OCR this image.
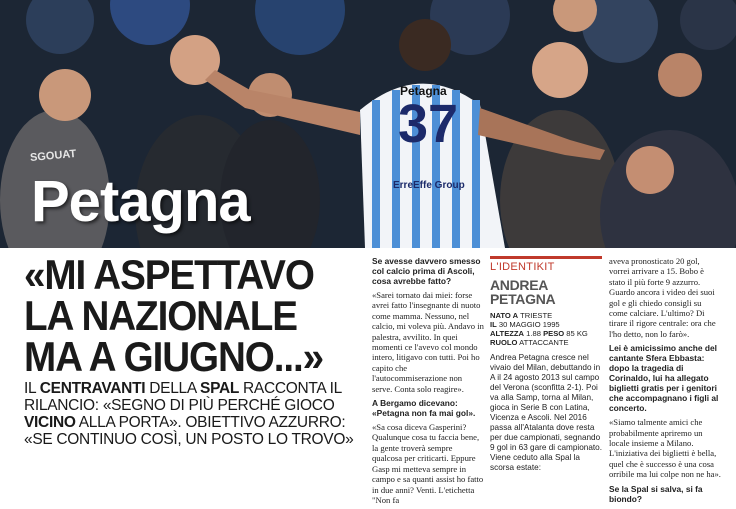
Petagna
37
ErreEffe Group
SGOUAT
Petagna
«MI ASPETTAVO LA NAZIONALE MA A GIUGNO...»
IL CENTRAVANTI DELLA SPAL RACCONTA IL RILANCIO: «SEGNO DI PIÙ PERCHÉ GIOCO VICINO ALLA PORTA». OBIETTIVO AZZURRO: «SE CONTINUO COSÌ, UN POSTO LO TROVO»

Se avesse davvero smesso col calcio prima di Ascoli, cosa avrebbe fatto?

«Sarei tornato dai miei: forse avrei fatto l'insegnante di nuoto come mamma. Nessuno, nel calcio, mi voleva più. Andavo in palestra, avvilito. In quei momenti ce l'avevo col mondo intero, litigavo con tutti. Poi ho capito che l'autocommiserazione non serve. Conta solo reagire».

A Bergamo dicevano: «Petagna non fa mai gol».

«Sa cosa diceva Gasperini? Qualunque cosa tu faccia bene, la gente troverà sempre qualcosa per criticarti. Eppure Gasp mi metteva sempre in campo e sa quanti assist ho fatto in due anni? Venti. L'etichetta "Non fa

L'IDENTIKIT
ANDREA PETAGNA
NATO A TRIESTE
IL 30 MAGGIO 1995
ALTEZZA 1.88 PESO 85 KG
RUOLO ATTACCANTE

Andrea Petagna cresce nel vivaio del Milan, debuttando in A il 24 agosto 2013 sul campo del Verona (sconfitta 2-1). Poi va alla Samp, torna al Milan, gioca in Serie B con Latina, Vicenza e Ascoli. Nel 2016 passa all'Atalanta dove resta per due campionati, segnando 9 gol in 63 gare di campionato. Viene ceduto alla Spal la scorsa estate:

aveva pronosticato 20 gol, vorrei arrivare a 15. Bobo è stato il più forte 9 azzurro. Guardo ancora i video dei suoi gol e gli chiedo consigli su come calciare. L'ultimo? Di tirare il rigore centrale: ora che l'ho detto, non lo farò».

Lei è amicissimo anche del cantante Sfera Ebbasta: dopo la tragedia di Corinaldo, lui ha allegato biglietti gratis per i genitori che accompagnano i figli al concerto.

«Siamo talmente amici che probabilmente apriremo un locale insieme a Milano. L'iniziativa dei biglietti è bella, quel che è successo è una cosa orribile ma lui colpe non ne ha».

Se la Spal si salva, si fa biondo?
